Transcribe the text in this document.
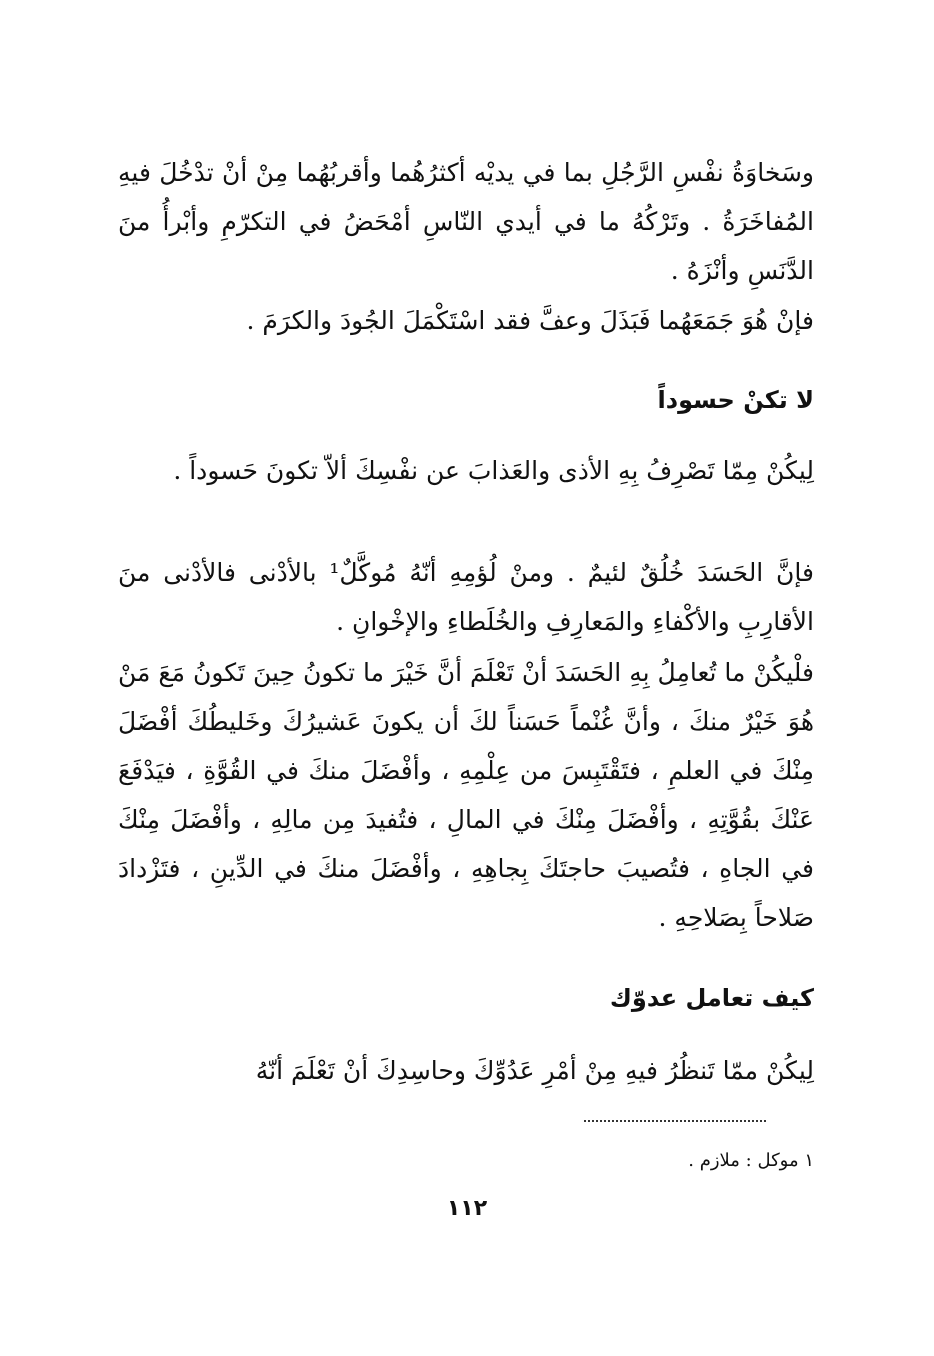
وسَخاوَةُ نفْسِ الرَّجُلِ بما في يديْه أكثرُهُما وأقربُهُما مِنْ أنْ تدْخُلَ فيهِ المُفاخَرَةُ . وتَرْكُهُ ما في أيدي النّاسِ أمْحَضُ في التكرّمِ وأبْرأُ منَ الدَّنَسِ وأنْزَهُ .

فإنْ هُوَ جَمَعَهُما فَبَذَلَ وعفَّ فقد اسْتَكْمَلَ الجُودَ والكرَمَ .

لا تكنْ حسوداً

لِيكُنْ مِمّا تَصْرِفُ بِهِ الأذى والعَذابَ عن نفْسِكَ ألاّ تكونَ حَسوداً .

فإنَّ الحَسَدَ خُلُقٌ لئيمٌ . ومنْ لُؤمِهِ أنّهُ مُوكَّلٌ¹ بالأدْنى فالأدْنى منَ الأقارِبِ والأكْفاءِ والمَعارِفِ والخُلَطاءِ والإخْوانِ .

فلْيكُنْ ما تُعامِلُ بِهِ الحَسَدَ أنْ تَعْلَمَ أنَّ خَيْرَ ما تكونُ حِينَ تَكونُ مَعَ مَنْ هُوَ خَيْرٌ منكَ ، وأنَّ غُنْماً حَسَناً لكَ أن يكونَ عَشيرُكَ وخَليطُكَ أفْضَلَ مِنْكَ في العلمِ ، فتَقْتَبِسَ من عِلْمِهِ ، وأفْضَلَ منكَ في القُوَّةِ ، فيَدْفَعَ عَنْكَ بقُوَّتِهِ ، وأفْضَلَ مِنْكَ في المالِ ، فتُفيدَ مِن مالِهِ ، وأفْضَلَ مِنْكَ في الجاهِ ، فتُصيبَ حاجتَكَ بِجاهِهِ ، وأفْضَلَ منكَ في الدِّينِ ، فتَزْدادَ صَلاحاً بِصَلاحِهِ .

كيف تعامل عدوّك

لِيكُنْ ممّا تَنظُرُ فيهِ مِنْ أمْرِ عَدُوِّكَ وحاسِدِكَ أنْ تَعْلَمَ أنّهُ

١ موكل : ملازم .

١١٢
